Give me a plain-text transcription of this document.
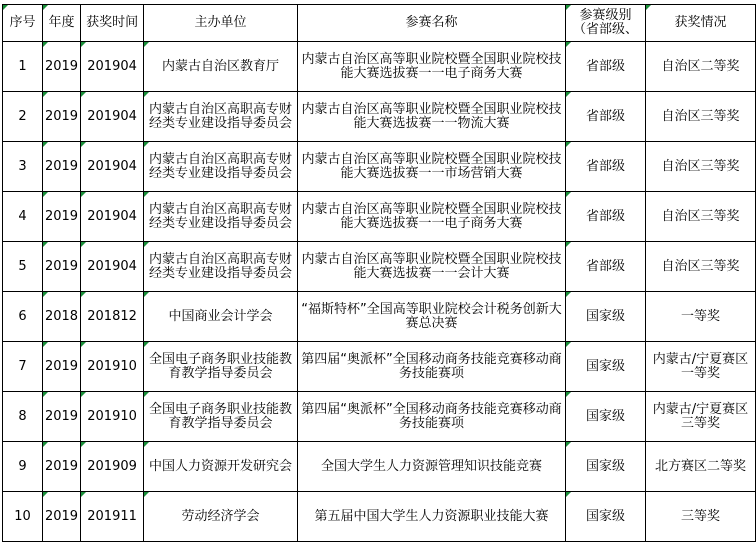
序号	年度	获奖时间	主办单位	参赛名称	参赛级别（省部级、	获奖情况
1	2019	201904	内蒙古自治区教育厅	内蒙古自治区高等职业院校暨全国职业院校技能大赛选拔赛一一电子商务大赛	省部级	自治区二等奖
2	2019	201904	内蒙古自治区高职高专财经类专业建设指导委员会	内蒙古自治区高等职业院校暨全国职业院校技能大赛选拔赛一一物流大赛	省部级	自治区三等奖
3	2019	201904	内蒙古自治区高职高专财经类专业建设指导委员会	内蒙古自治区高等职业院校暨全国职业院校技能大赛选拔赛一一市场营销大赛	省部级	自治区三等奖
4	2019	201904	内蒙古自治区高职高专财经类专业建设指导委员会	内蒙古自治区高等职业院校暨全国职业院校技能大赛选拔赛一一电子商务大赛	省部级	自治区三等奖
5	2019	201904	内蒙古自治区高职高专财经类专业建设指导委员会	内蒙古自治区高等职业院校暨全国职业院校技能大赛选拔赛一一会计大赛	省部级	自治区三等奖
6	2018	201812	中国商业会计学会	“福斯特杯”全国高等职业院校会计税务创新大赛总决赛	国家级	一等奖
7	2019	201910	全国电子商务职业技能教育教学指导委员会	第四届“奥派杯”全国移动商务技能竞赛移动商务技能赛项	国家级	内蒙古/宁夏赛区一等奖
8	2019	201910	全国电子商务职业技能教育教学指导委员会	第四届“奥派杯”全国移动商务技能竞赛移动商务技能赛项	国家级	内蒙古/宁夏赛区三等奖
9	2019	201909	中国人力资源开发研究会	全国大学生人力资源管理知识技能竞赛	国家级	北方赛区二等奖
10	2019	201911	劳动经济学会	第五届中国大学生人力资源职业技能大赛	国家级	三等奖
